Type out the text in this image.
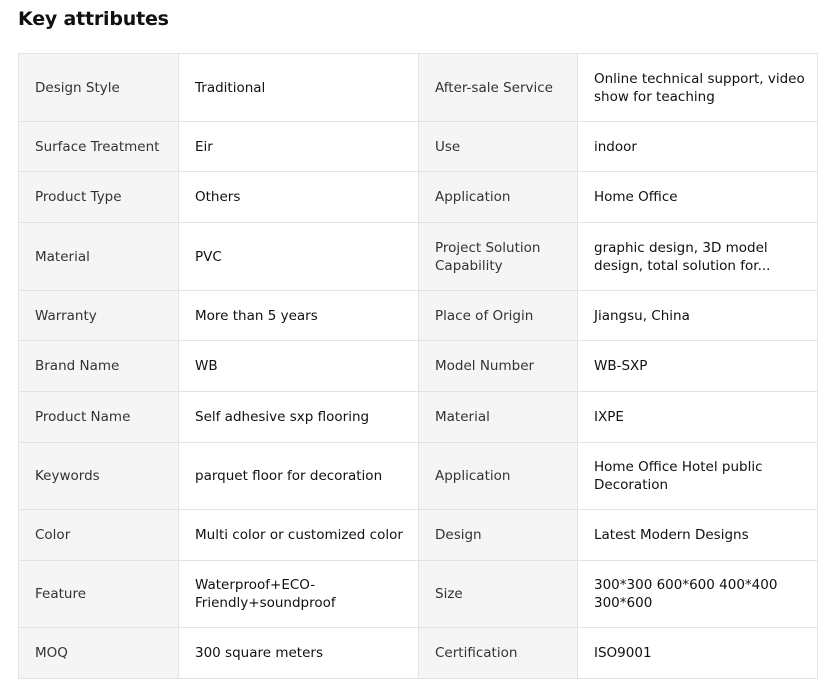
Key attributes
Design Style	Traditional	After-sale Service	Online technical support, video show for teaching
Surface Treatment	Eir	Use	indoor
Product Type	Others	Application	Home Office
Material	PVC	Project Solution Capability	graphic design, 3D model design, total solution for...
Warranty	More than 5 years	Place of Origin	Jiangsu, China
Brand Name	WB	Model Number	WB-SXP
Product Name	Self adhesive sxp flooring	Material	IXPE
Keywords	parquet floor for decoration	Application	Home Office Hotel public Decoration
Color	Multi color or customized color	Design	Latest Modern Designs
Feature	Waterproof+ECO-Friendly+soundproof	Size	300*300 600*600 400*400 300*600
MOQ	300 square meters	Certification	ISO9001
